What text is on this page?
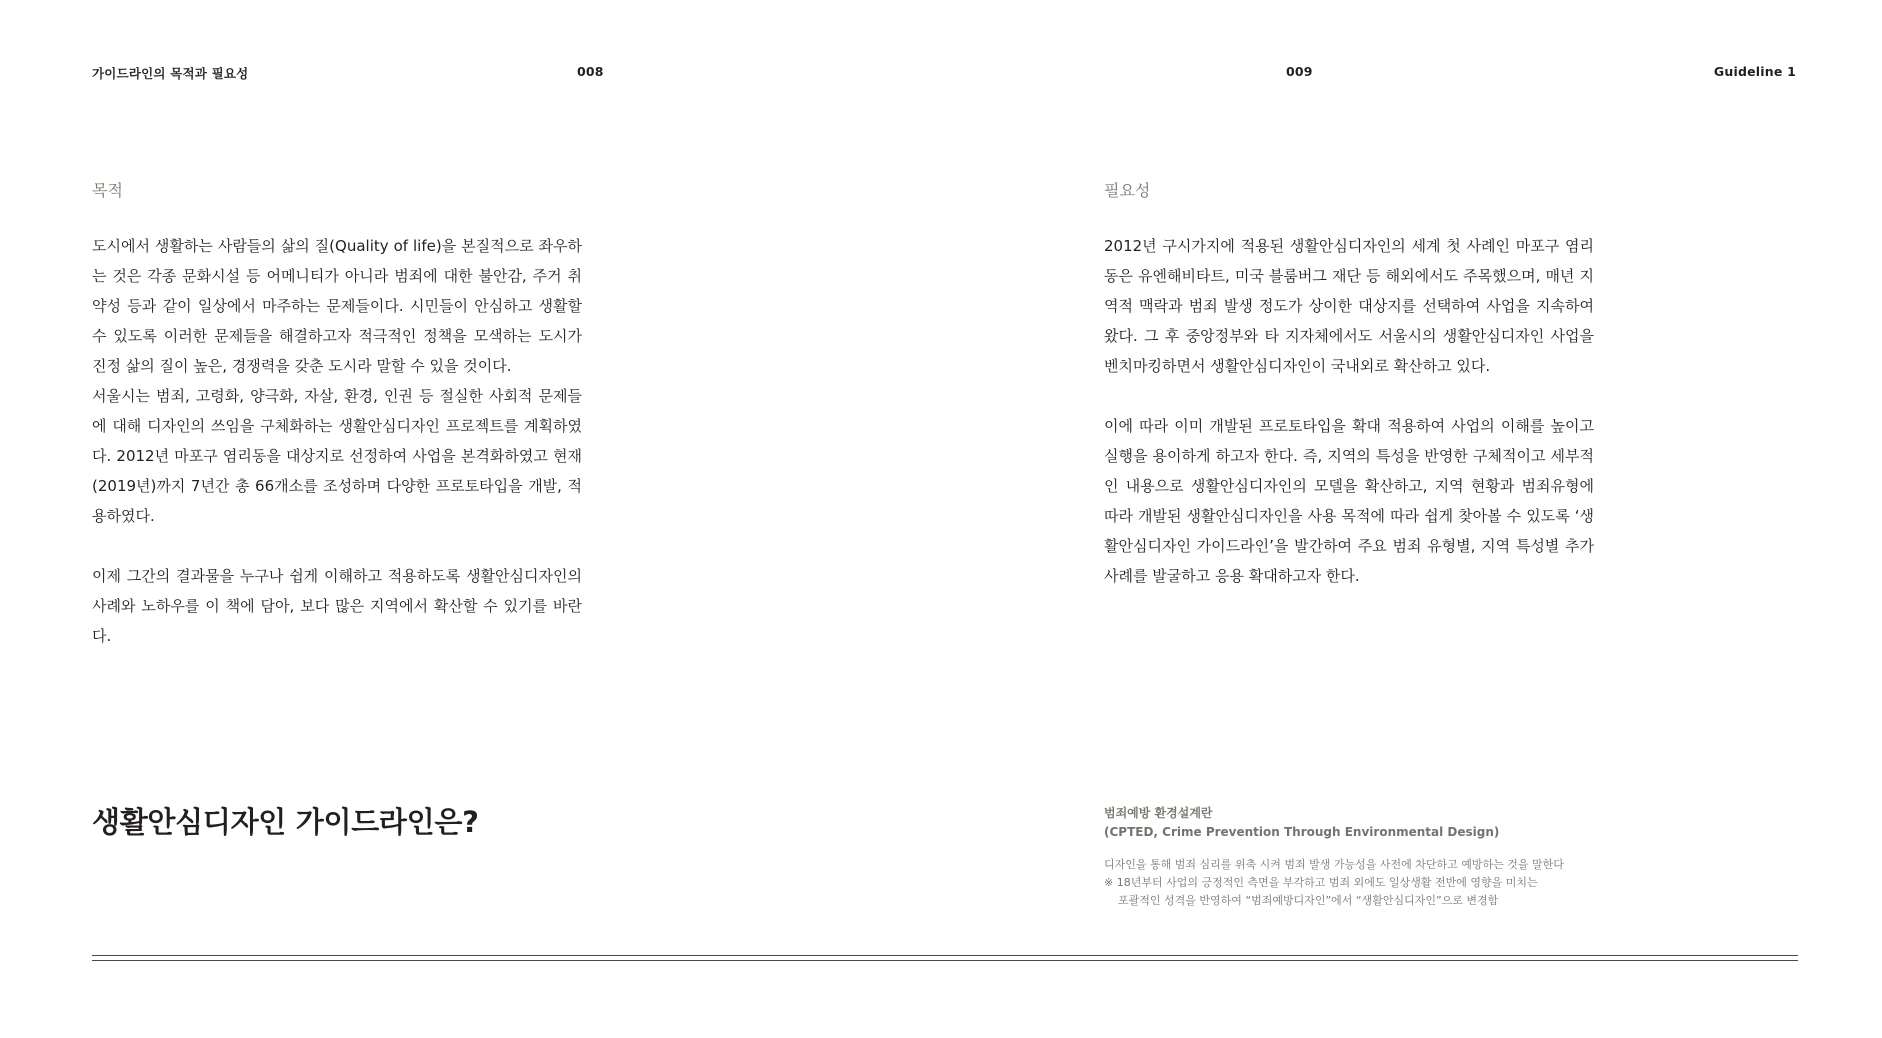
가이드라인의 목적과 필요성	008	009	Guideline 1
목적	필요성

도시에서 생활하는 사람들의 삶의 질(Quality of life)을 본질적으로 좌우하는 것은 각종 문화시설 등 어메니티가 아니라 범죄에 대한 불안감, 주거 취약성 등과 같이 일상에서 마주하는 문제들이다. 시민들이 안심하고 생활할 수 있도록 이러한 문제들을 해결하고자 적극적인 정책을 모색하는 도시가 진정 삶의 질이 높은, 경쟁력을 갖춘 도시라 말할 수 있을 것이다.

서울시는 범죄, 고령화, 양극화, 자살, 환경, 인권 등 절실한 사회적 문제들에 대해 디자인의 쓰임을 구체화하는 생활안심디자인 프로젝트를 계획하였다. 2012년 마포구 염리동을 대상지로 선정하여 사업을 본격화하였고 현재(2019년)까지 7년간 총 66개소를 조성하며 다양한 프로토타입을 개발, 적용하였다.

이제 그간의 결과물을 누구나 쉽게 이해하고 적용하도록 생활안심디자인의 사례와 노하우를 이 책에 담아, 보다 많은 지역에서 확산할 수 있기를 바란다.

2012년 구시가지에 적용된 생활안심디자인의 세계 첫 사례인 마포구 염리동은 유엔해비타트, 미국 블룸버그 재단 등 해외에서도 주목했으며, 매년 지역적 맥락과 범죄 발생 정도가 상이한 대상지를 선택하여 사업을 지속하여 왔다. 그 후 중앙정부와 타 지자체에서도 서울시의 생활안심디자인 사업을 벤치마킹하면서 생활안심디자인이 국내외로 확산하고 있다.

이에 따라 이미 개발된 프로토타입을 확대 적용하여 사업의 이해를 높이고 실행을 용이하게 하고자 한다. 즉, 지역의 특성을 반영한 구체적이고 세부적인 내용으로 생활안심디자인의 모델을 확산하고, 지역 현황과 범죄유형에 따라 개발된 생활안심디자인을 사용 목적에 따라 쉽게 찾아볼 수 있도록 ‘생활안심디자인 가이드라인’을 발간하여 주요 범죄 유형별, 지역 특성별 추가 사례를 발굴하고 응용 확대하고자 한다.

생활안심디자인 가이드라인은?	범죄예방 환경설계란
(CPTED, Crime Prevention Through Environmental Design)
디자인을 통해 범죄 심리를 위축 시켜 범죄 발생 가능성을 사전에 차단하고 예방하는 것을 말한다
※ 18년부터 사업의 긍정적인 측면을 부각하고 범죄 외에도 일상생활 전반에 영향을 미치는
포괄적인 성격을 반영하여 “범죄예방디자인”에서 “생활안심디자인”으로 변경함
